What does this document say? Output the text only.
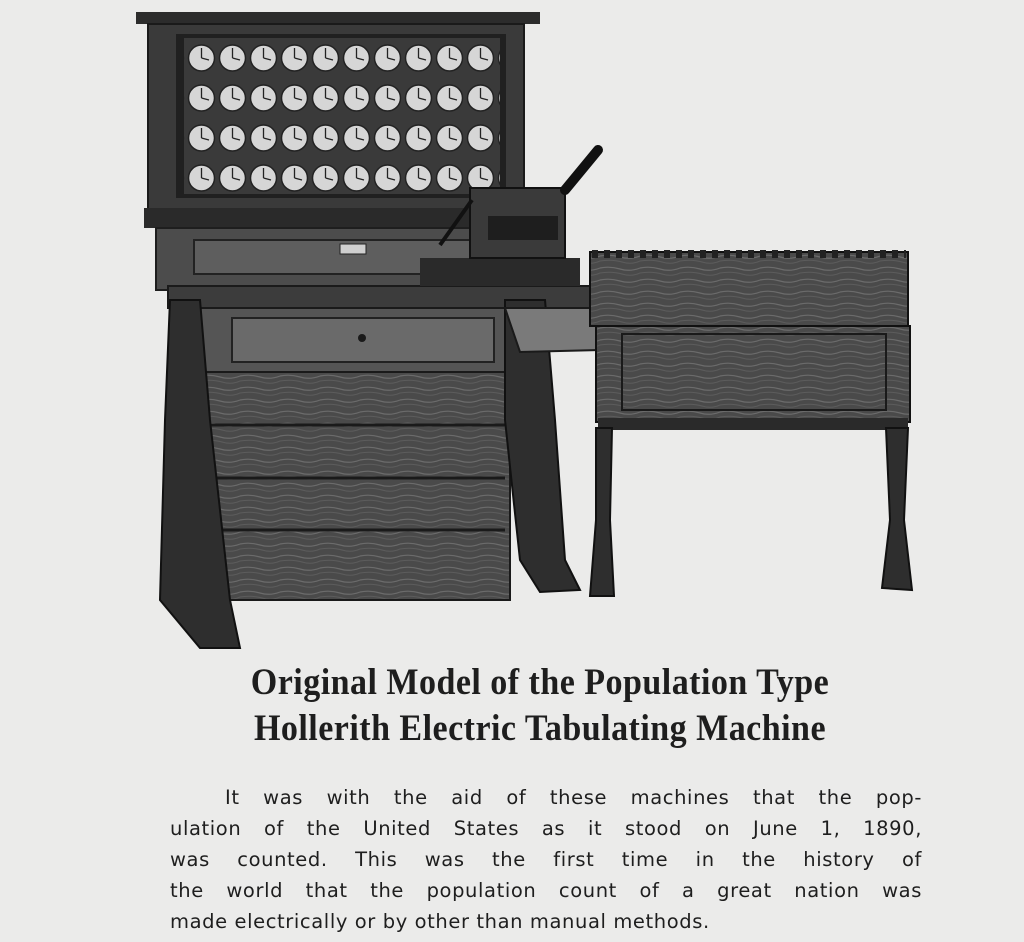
Original Model of the Population Type
Hollerith Electric Tabulating Machine

It was with the aid of these machines that the pop-
ulation of the United States as it stood on June 1, 1890,
was counted. This was the first time in the history of
the world that the population count of a great nation was
made electrically or by other than manual methods.
